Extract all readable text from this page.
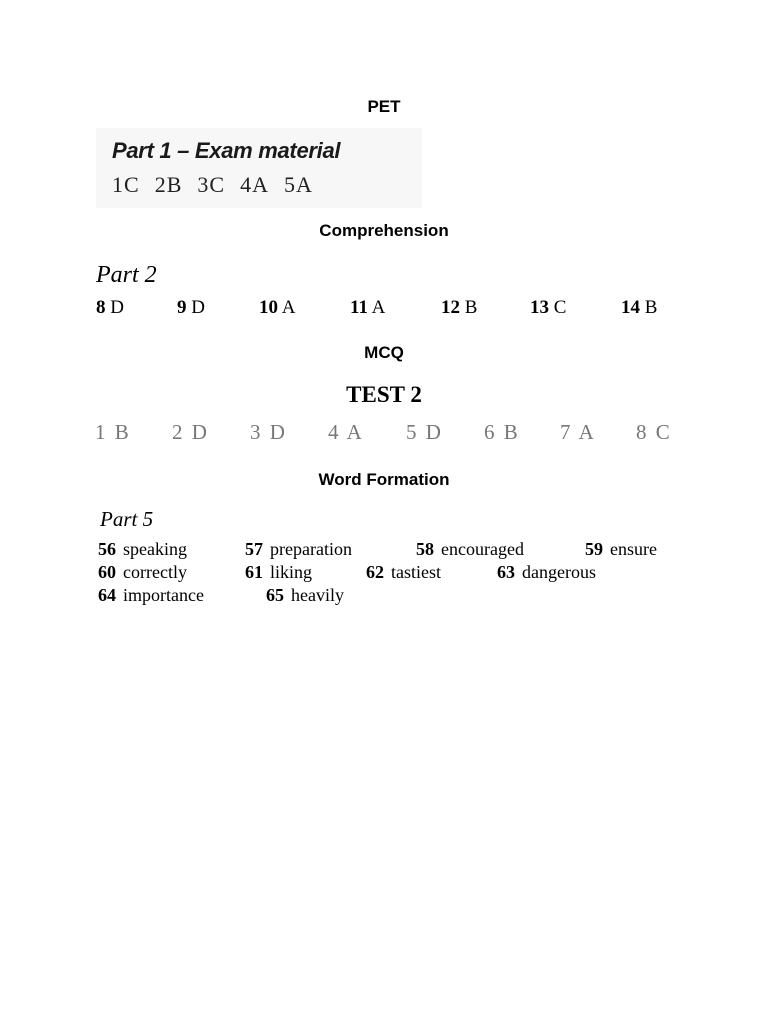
PET
Comprehension
MCQ
Word Formation
Part 1 – Exam material
1C 2B 3C 4A 5A
Part 2
8 D	9 D	10 A	11 A	12 B	13 C	14 B
TEST 2
1 B 2 D 3 D 4 A 5 D 6 B 7 A 8 C
Part 5
56 speaking	57 preparation	58 encouraged	59 ensure
60 correctly	61 liking	62 tastiest	63 dangerous
64 importance	65 heavily
